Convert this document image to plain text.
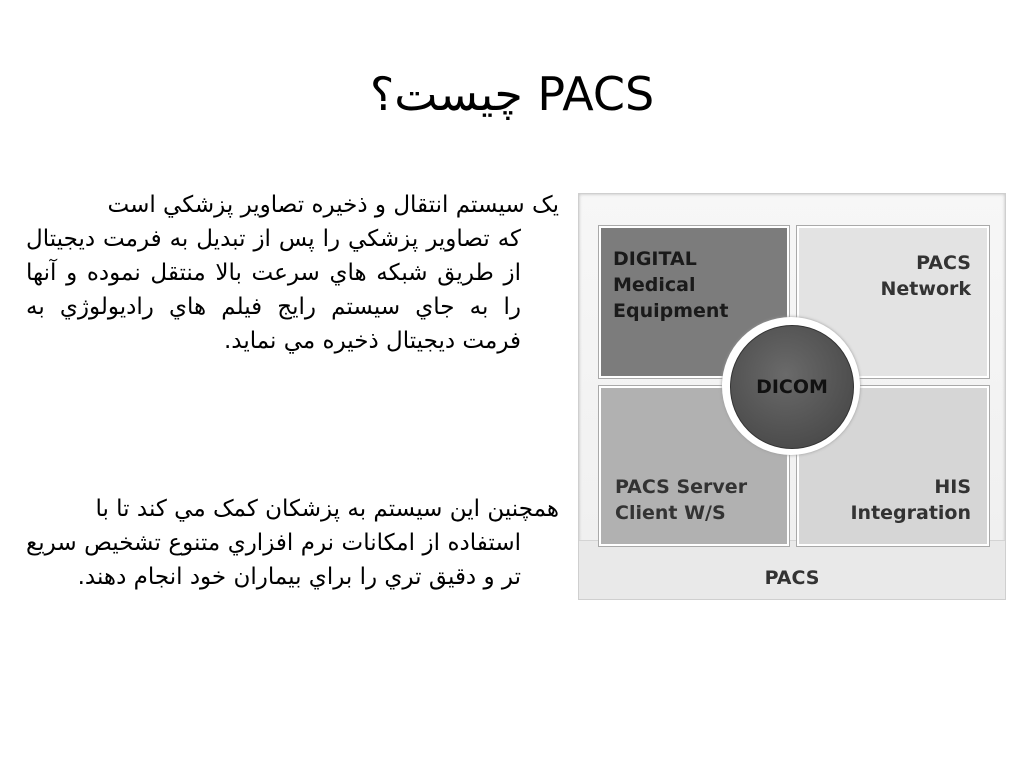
PACS چيست؟

يک سيستم انتقال و ذخيره تصاوير پزشکي است
که تصاوير پزشکي را پس از تبديل به فرمت ديجيتال از طريق شبکه هاي سرعت بالا منتقل نموده و آنها را به جاي سيستم رايج فيلم هاي راديولوژي به فرمت ديجيتال ذخيره مي نمايد.

همچنين اين سيستم به پزشکان کمک مي کند تا با
استفاده از امکانات نرم افزاري متنوع تشخيص سريع تر و دقيق تري را براي بيماران خود انجام دهند.

DIGITAL
Medical
Equipment
PACS
Network
PACS Server
Client W/S
HIS
Integration
DICOM
PACS
